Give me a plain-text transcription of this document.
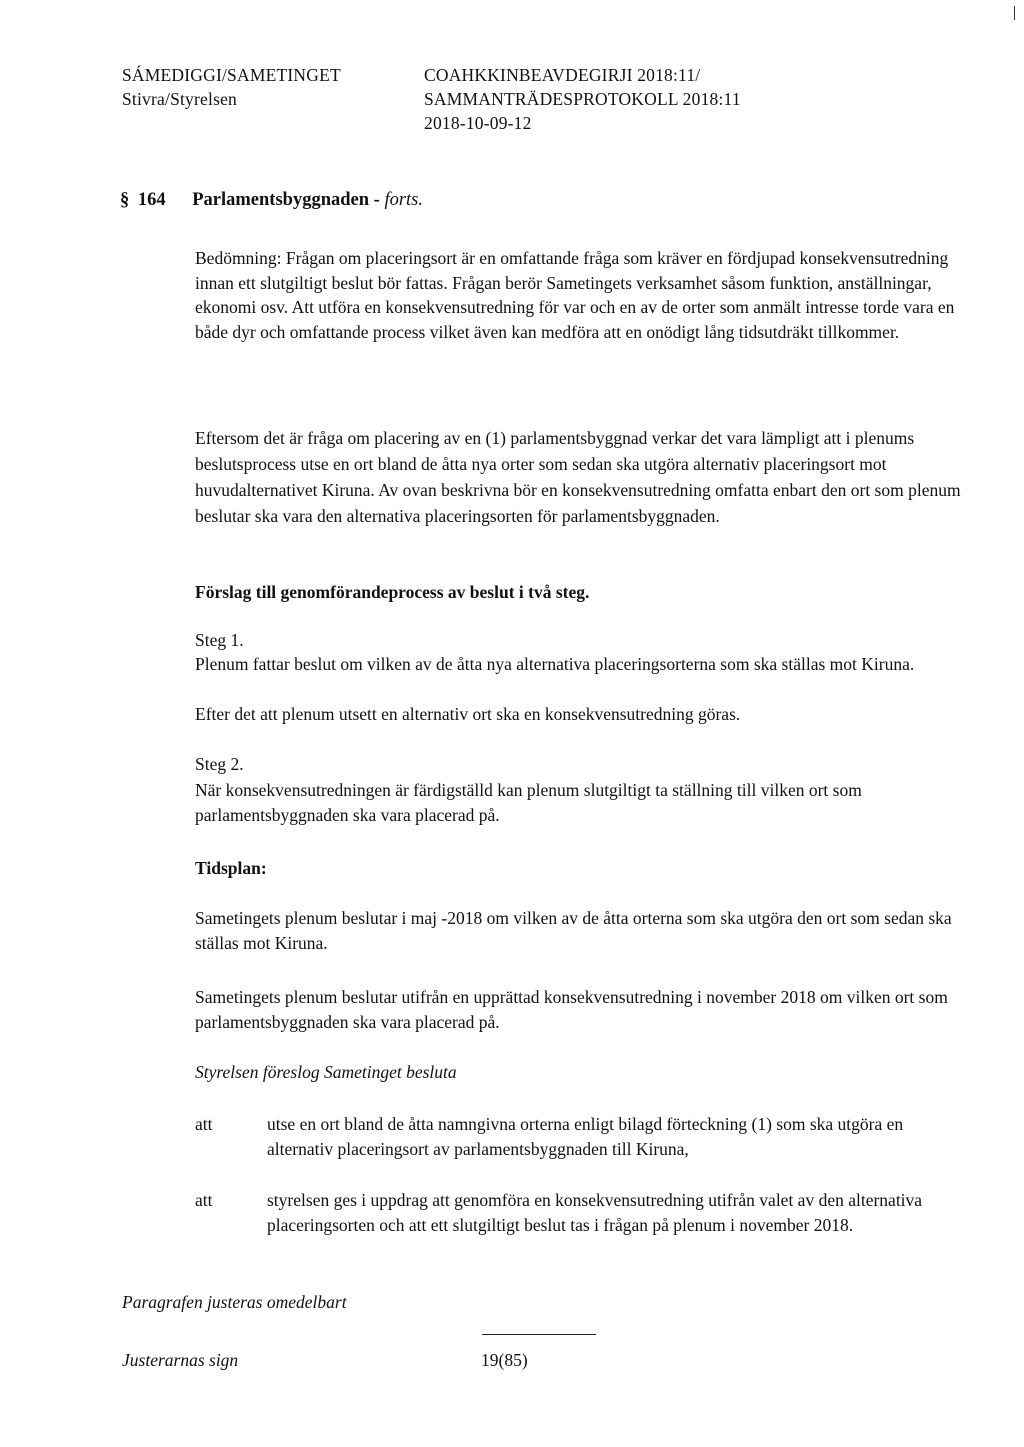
SÁMEDIGGI/SAMETINGET
Stivra/Styrelsen
COAHKKINBEAVDEGIRJI 2018:11/
SAMMANTRÄDESPROTOKOLL 2018:11
2018-10-09-12
§ 164 Parlamentsbyggnaden - forts.
Bedömning: Frågan om placeringsort är en omfattande fråga som kräver en fördjupad konsekvensutredning innan ett slutgiltigt beslut bör fattas. Frågan berör Sametingets verksamhet såsom funktion, anställningar, ekonomi osv. Att utföra en konsekvensutredning för var och en av de orter som anmält intresse torde vara en både dyr och omfattande process vilket även kan medföra att en onödigt lång tidsutdräkt tillkommer.
Eftersom det är fråga om placering av en (1) parlamentsbyggnad verkar det vara lämpligt att i plenums beslutsprocess utse en ort bland de åtta nya orter som sedan ska utgöra alternativ placeringsort mot huvudalternativet Kiruna. Av ovan beskrivna bör en konsekvensutredning omfatta enbart den ort som plenum beslutar ska vara den alternativa placeringsorten för parlamentsbyggnaden.
Förslag till genomförandeprocess av beslut i två steg.
Steg 1.
Plenum fattar beslut om vilken av de åtta nya alternativa placeringsorterna som ska ställas mot Kiruna.
Efter det att plenum utsett en alternativ ort ska en konsekvensutredning göras.
Steg 2.
När konsekvensutredningen är färdigställd kan plenum slutgiltigt ta ställning till vilken ort som parlamentsbyggnaden ska vara placerad på.
Tidsplan:
Sametingets plenum beslutar i maj -2018 om vilken av de åtta orterna som ska utgöra den ort som sedan ska ställas mot Kiruna.
Sametingets plenum beslutar utifrån en upprättad konsekvensutredning i november 2018 om vilken ort som parlamentsbyggnaden ska vara placerad på.
Styrelsen föreslog Sametinget besluta
att	utse en ort bland de åtta namngivna orterna enligt bilagd förteckning (1) som ska utgöra en alternativ placeringsort av parlamentsbyggnaden till Kiruna,
att	styrelsen ges i uppdrag att genomföra en konsekvensutredning utifrån valet av den alternativa placeringsorten och att ett slutgiltigt beslut tas i frågan på plenum i november 2018.
Paragrafen justeras omedelbart
Justerarnas sign	19(85)
